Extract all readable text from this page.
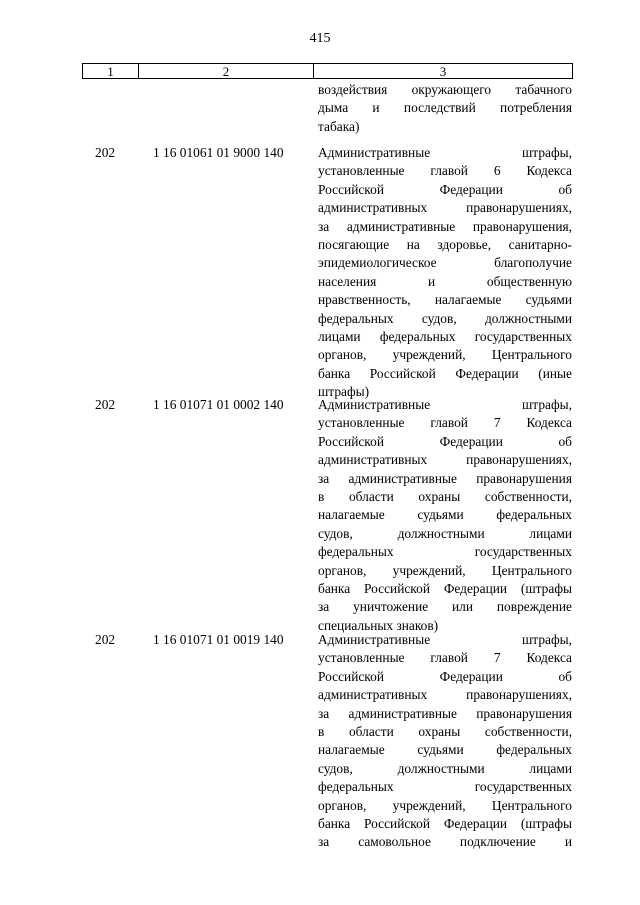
415
1	2	3
воздействия окружающего табачного
дыма и последствий потребления
табака)
202	1 16 01061 01 9000 140	Административные штрафы,
установленные главой 6 Кодекса
Российской Федерации об
административных правонарушениях,
за административные правонарушения,
посягающие на здоровье, санитарно-
эпидемиологическое благополучие
населения и общественную
нравственность, налагаемые судьями
федеральных судов, должностными
лицами федеральных государственных
органов, учреждений, Центрального
банка Российской Федерации (иные
штрафы)
202	1 16 01071 01 0002 140	Административные штрафы,
установленные главой 7 Кодекса
Российской Федерации об
административных правонарушениях,
за административные правонарушения
в области охраны собственности,
налагаемые судьями федеральных
судов, должностными лицами
федеральных государственных
органов, учреждений, Центрального
банка Российской Федерации (штрафы
за уничтожение или повреждение
специальных знаков)
202	1 16 01071 01 0019 140	Административные штрафы,
установленные главой 7 Кодекса
Российской Федерации об
административных правонарушениях,
за административные правонарушения
в области охраны собственности,
налагаемые судьями федеральных
судов, должностными лицами
федеральных государственных
органов, учреждений, Центрального
банка Российской Федерации (штрафы
за самовольное подключение и
